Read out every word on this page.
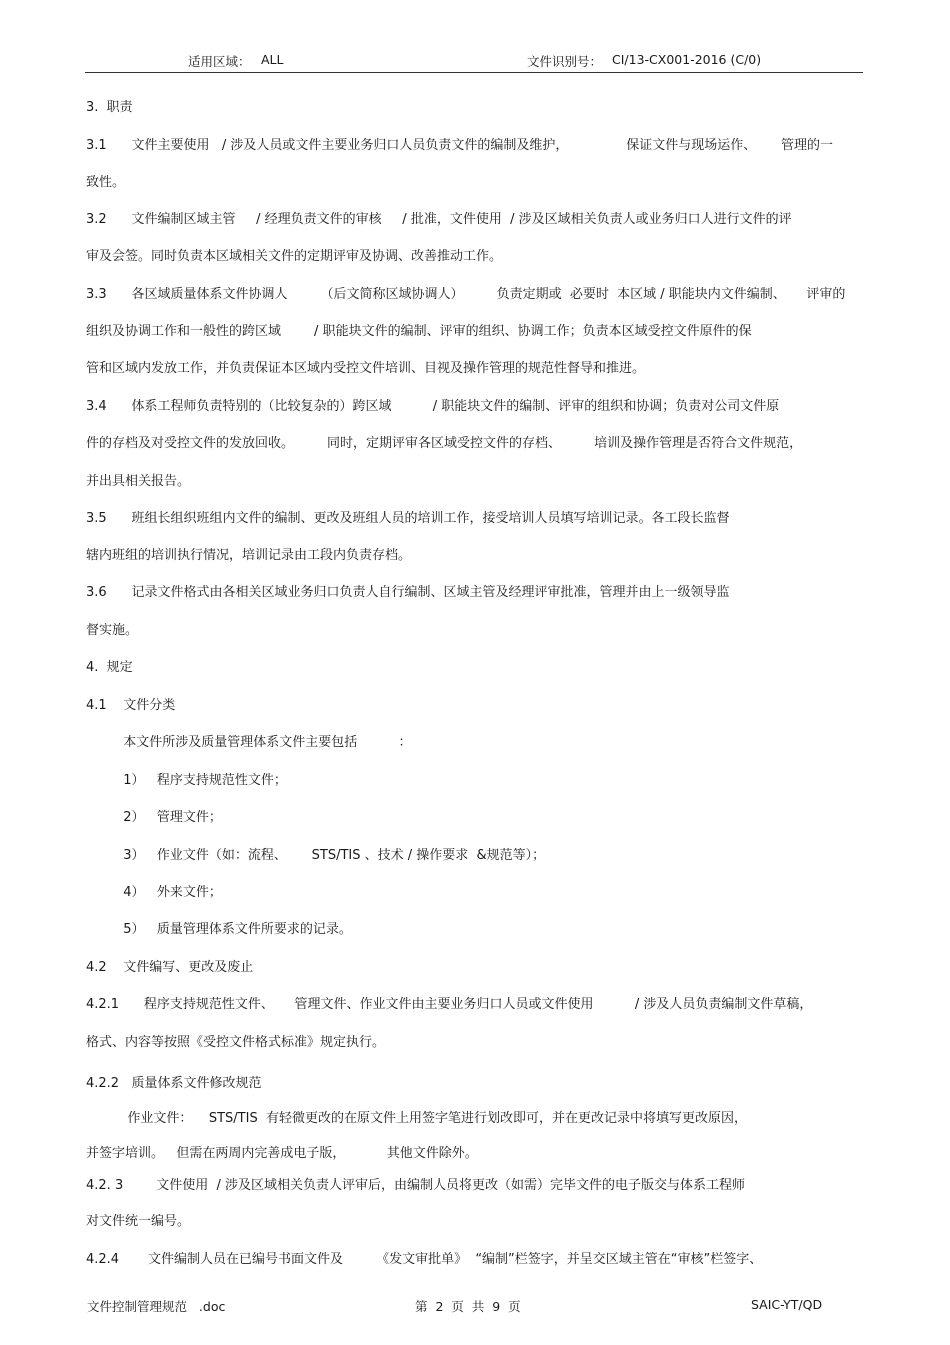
适用区域： ALL	文件识别号： CI/13-CX001-2016 (C/0)
3.  职责
3.1      文件主要使用   / 涉及人员或文件主要业务归口人员负责文件的编制及维护，              保证文件与现场运作、      管理的一
致性。
3.2      文件编制区域主管     / 经理负责文件的审核     / 批准，文件使用  / 涉及区域相关负责人或业务归口人进行文件的评
审及会签。同时负责本区域相关文件的定期评审及协调、改善推动工作。
3.3      各区域质量体系文件协调人        （后文简称区域协调人）        负责定期或  必要时  本区域 / 职能块内文件编制、     评审的
组织及协调工作和一般性的跨区域        / 职能块文件的编制、评审的组织、协调工作；负责本区域受控文件原件的保
管和区域内发放工作，并负责保证本区域内受控文件培训、目视及操作管理的规范性督导和推进。
3.4      体系工程师负责特别的（比较复杂的）跨区域          / 职能块文件的编制、评审的组织和协调；负责对公司文件原
件的存档及对受控文件的发放回收。        同时，定期评审各区域受控文件的存档、        培训及操作管理是否符合文件规范，
并出具相关报告。
3.5      班组长组织班组内文件的编制、更改及班组人员的培训工作，接受培训人员填写培训记录。各工段长监督
辖内班组的培训执行情况，培训记录由工段内负责存档。
3.6      记录文件格式由各相关区域业务归口负责人自行编制、区域主管及经理评审批准，管理并由上一级领导监
督实施。
4.  规定
4.1    文件分类
本文件所涉及质量管理体系文件主要包括          ：
1）   程序支持规范性文件；
2）   管理文件；
3）   作业文件（如：流程、      STS/TIS 、技术 / 操作要求  &规范等）；
4）   外来文件；
5）   质量管理体系文件所要求的记录。
4.2    文件编写、更改及废止
4.2.1      程序支持规范性文件、     管理文件、作业文件由主要业务归口人员或文件使用          / 涉及人员负责编制文件草稿，
格式、内容等按照《受控文件格式标准》规定执行。
4.2.2   质量体系文件修改规范
作业文件：    STS/TIS  有轻微更改的在原文件上用签字笔进行划改即可，并在更改记录中将填写更改原因，
并签字培训。   但需在两周内完善成电子版，          其他文件除外。
4.2. 3        文件使用  / 涉及区域相关负责人评审后，由编制人员将更改（如需）完毕文件的电子版交与体系工程师
对文件统一编号。
4.2.4       文件编制人员在已编号书面文件及        《发文审批单》  “编制”栏签字，并呈交区域主管在“审核”栏签字、
文件控制管理规范   .doc	第  2  页  共  9  页	SAIC-YT/QD
